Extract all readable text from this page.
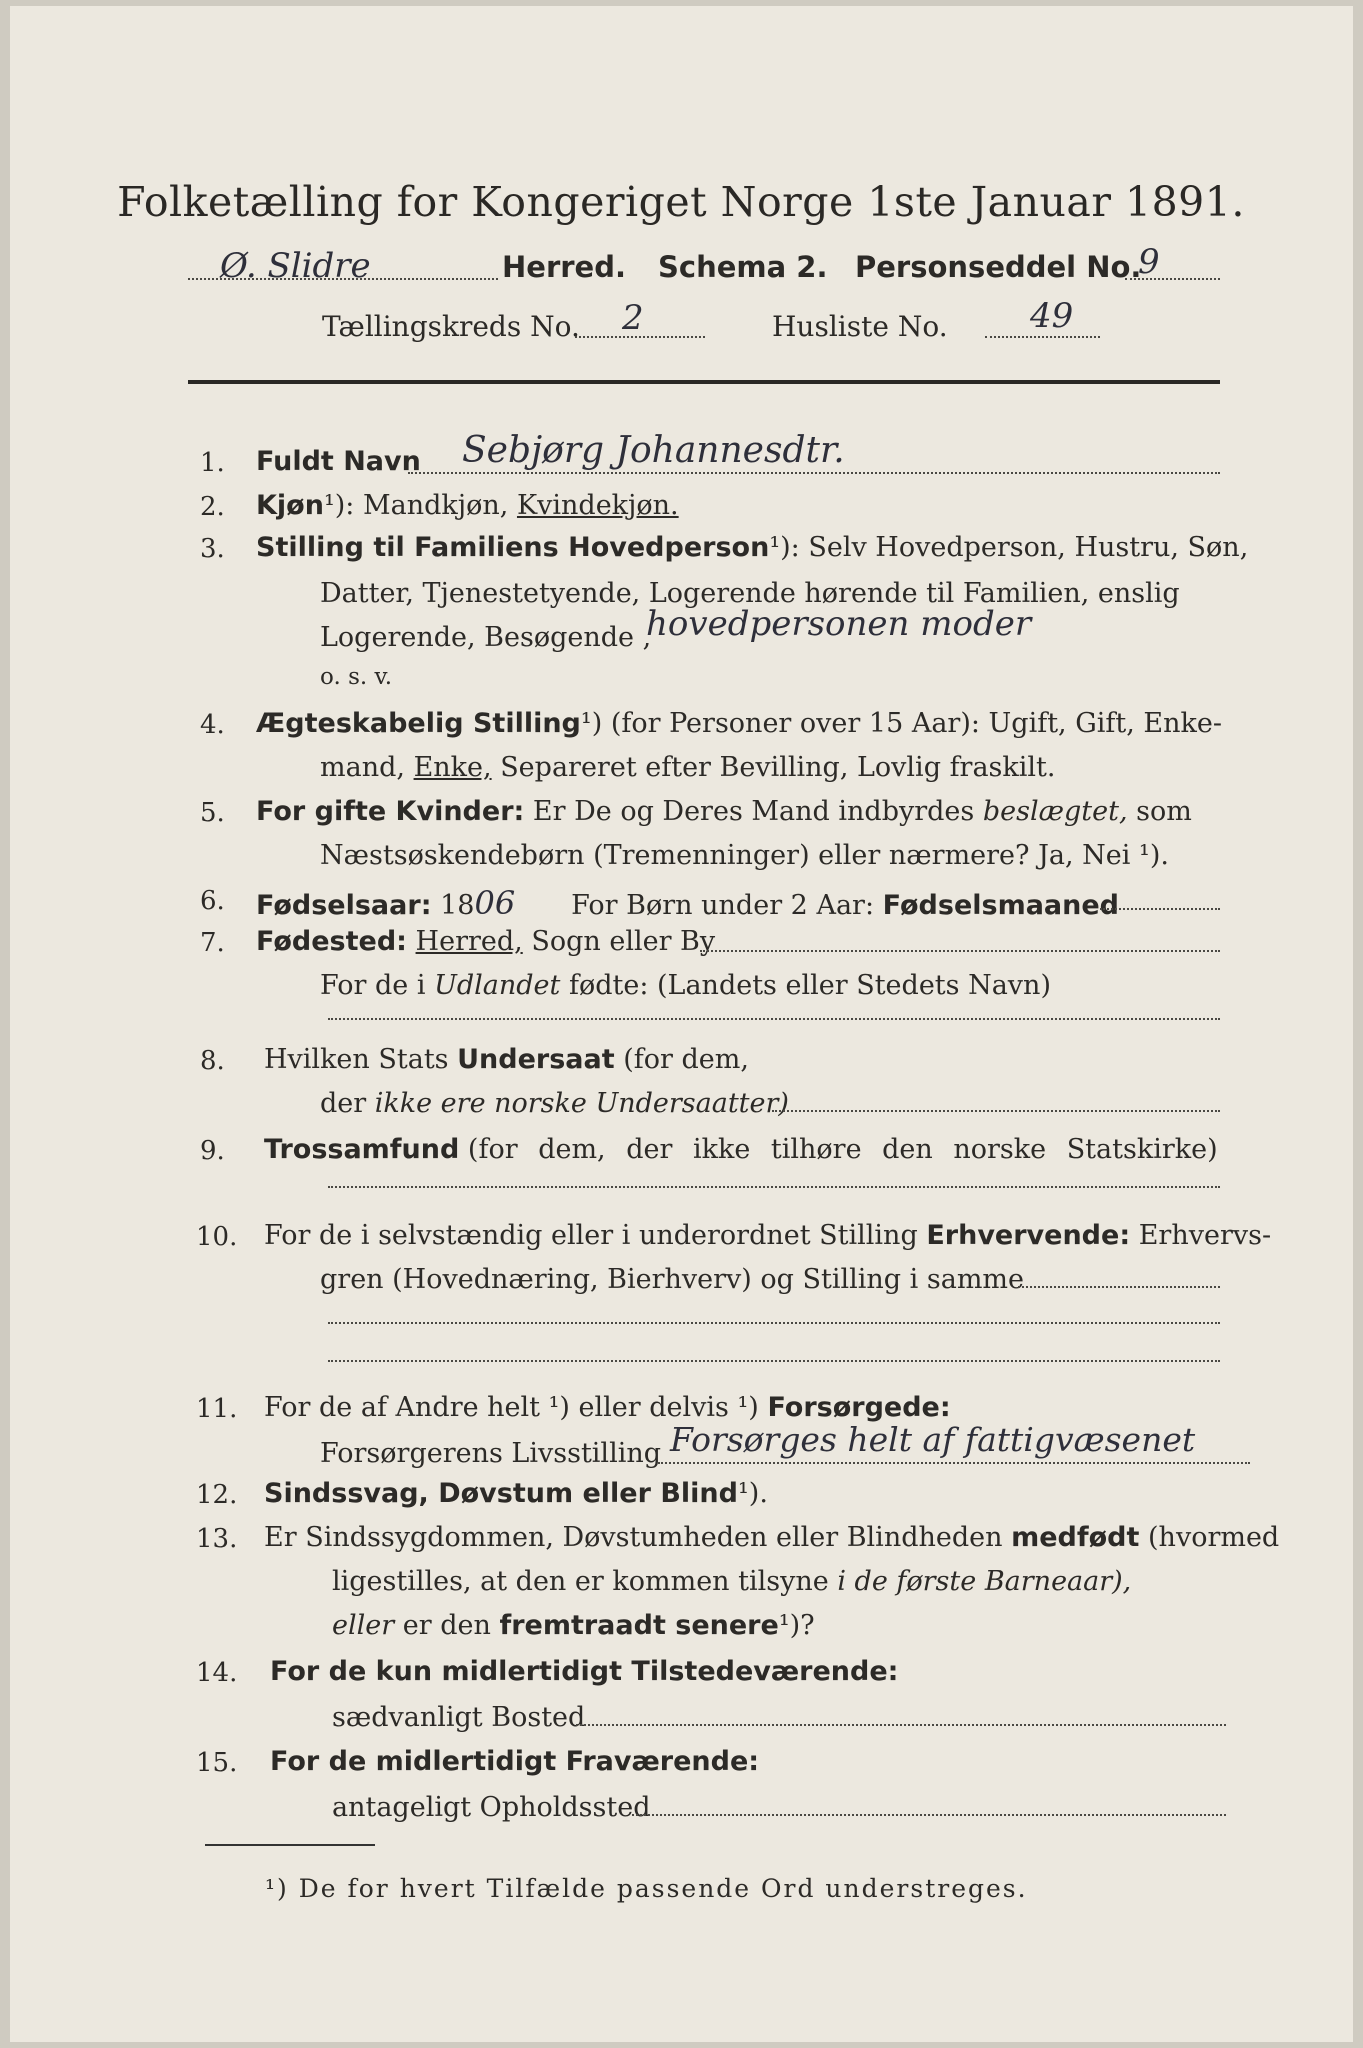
Folketælling for Kongeriget Norge 1ste Januar 1891.
Ø. Slidre	Herred. Schema 2. Personseddel No.
9
Tællingskreds No. 2	Husliste No. 49
1.	Fuldt Navn Sebjørg Johannesdtr.
2.	Kjøn¹): Mandkjøn, Kvindekjøn.
3.	Stilling til Familiens Hovedperson¹): Selv Hovedperson, Hustru, Søn,
Datter, Tjenestetyende, Logerende hørende til Familien, enslig
Logerende, Besøgende ,
hovedpersonen moder
o. s. v.
4.	Ægteskabelig Stilling¹) (for Personer over 15 Aar): Ugift, Gift, Enke-
mand, Enke, Separeret efter Bevilling, Lovlig fraskilt.
5.	For gifte Kvinder: Er De og Deres Mand indbyrdes beslægtet, som
Næstsøskendebørn (Tremenninger) eller nærmere? Ja, Nei ¹).
6.	Fødselsaar: 1806 For Børn under 2 Aar: Fødselsmaaned
7.	Fødested: Herred, Sogn eller By
For de i Udlandet fødte: (Landets eller Stedets Navn)
8.	Hvilken Stats Undersaat (for dem,
der ikke ere norske Undersaatter)
9.	Trossamfund (for dem, der ikke tilhøre den norske Statskirke)
10. For de i selvstændig eller i underordnet Stilling Erhvervende: Erhvervs-
gren (Hovednæring, Bierhverv) og Stilling i samme
11. For de af Andre helt ¹) eller delvis ¹) Forsørgede:
Forsørgerens Livsstilling Forsørges helt af fattigvæsenet
12. Sindssvag, Døvstum eller Blind¹).
13. Er Sindssygdommen, Døvstumheden eller Blindheden medfødt (hvormed
ligestilles, at den er kommen tilsyne i de første Barneaar),
eller er den fremtraadt senere¹)?
14.	For de kun midlertidigt Tilstedeværende:
sædvanligt Bosted
15.	For de midlertidigt Fraværende:
antageligt Opholdssted
¹) De for hvert Tilfælde passende Ord understreges.
